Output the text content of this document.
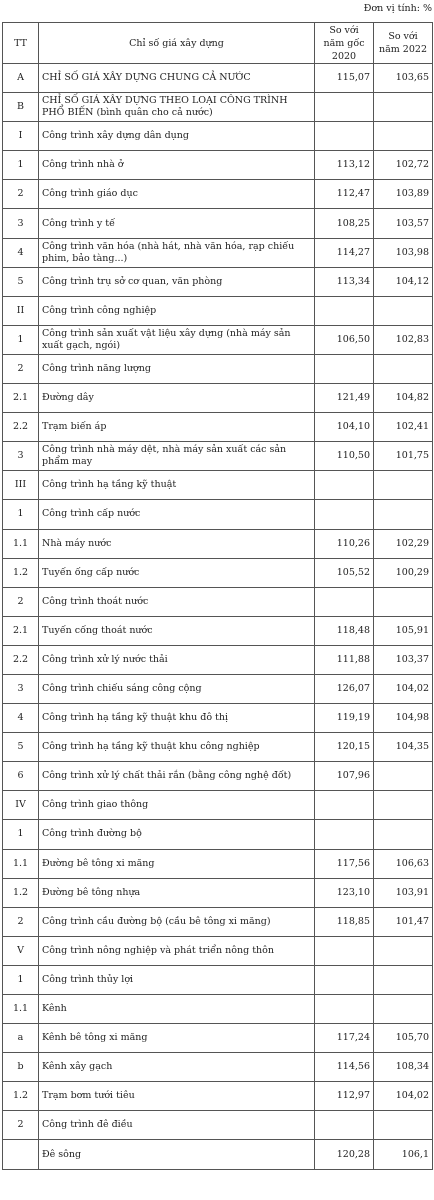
Đơn vị tính: %
TT	Chỉ số giá xây dựng	So với năm gốc 2020	So với năm 2022
A	CHỈ SỐ GIÁ XÂY DỰNG CHUNG CẢ NƯỚC	115,07	103,65
B	CHỈ SỐ GIÁ XÂY DỰNG THEO LOẠI CÔNG TRÌNH PHỔ BIẾN (bình quân cho cả nước)		
I	Công trình xây dựng dân dụng		
1	Công trình nhà ở	113,12	102,72
2	Công trình giáo dục	112,47	103,89
3	Công trình y tế	108,25	103,57
4	Công trình văn hóa (nhà hát, nhà văn hóa, rạp chiếu phim, bảo tàng...)	114,27	103,98
5	Công trình trụ sở cơ quan, văn phòng	113,34	104,12
II	Công trình công nghiệp		
1	Công trình sản xuất vật liệu xây dựng (nhà máy sản xuất gạch, ngói)	106,50	102,83
2	Công trình năng lượng		
2.1	Đường dây	121,49	104,82
2.2	Trạm biến áp	104,10	102,41
3	Công trình nhà máy dệt, nhà máy sản xuất các sản phẩm may	110,50	101,75
III	Công trình hạ tầng kỹ thuật		
1	Công trình cấp nước		
1.1	Nhà máy nước	110,26	102,29
1.2	Tuyến ống cấp nước	105,52	100,29
2	Công trình thoát nước		
2.1	Tuyến cống thoát nước	118,48	105,91
2.2	Công trình xử lý nước thải	111,88	103,37
3	Công trình chiếu sáng công cộng	126,07	104,02
4	Công trình hạ tầng kỹ thuật khu đô thị	119,19	104,98
5	Công trình hạ tầng kỹ thuật khu công nghiệp	120,15	104,35
6	Công trình xử lý chất thải rắn (bằng công nghệ đốt)	107,96	
IV	Công trình giao thông		
1	Công trình đường bộ		
1.1	Đường bê tông xi măng	117,56	106,63
1.2	Đường bê tông nhựa	123,10	103,91
2	Công trình cầu đường bộ (cầu bê tông xi măng)	118,85	101,47
V	Công trình nông nghiệp và phát triển nông thôn		
1	Công trình thủy lợi		
1.1	Kênh		
a	Kênh bê tông xi măng	117,24	105,70
b	Kênh xây gạch	114,56	108,34
1.2	Trạm bơm tưới tiêu	112,97	104,02
2	Công trình đê điều		
	Đê sông	120,28	106,1
